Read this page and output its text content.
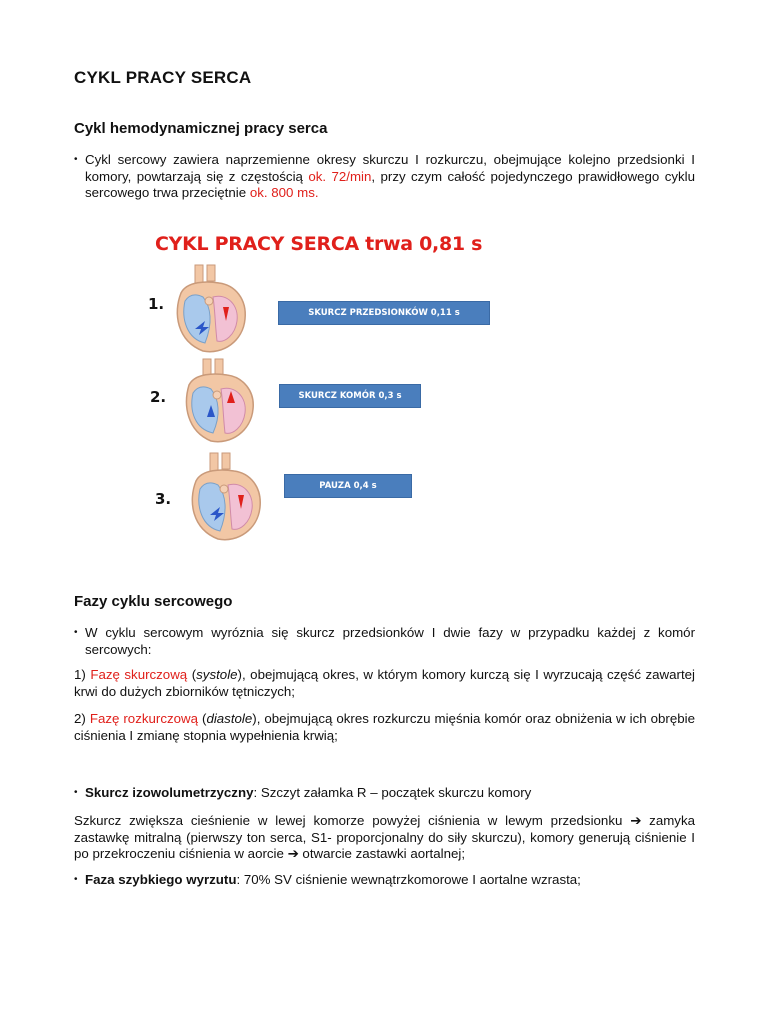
CYKL PRACY SERCA
Cykl hemodynamicznej pracy serca
• Cykl sercowy zawiera naprzemienne okresy skurczu I rozkurczu, obejmujące kolejno przedsionki I komory, powtarzają się z częstością ok. 72/min, przy czym całość pojedynczego prawidłowego cyklu sercowego trwa przeciętnie ok. 800 ms.
Fazy cyklu sercowego
• W cyklu sercowym wyróznia się skurcz przedsionków I dwie fazy w przypadku każdej z komór sercowych:

1) Fazę skurczową (systole), obejmującą okres, w którym komory kurczą się I wyrzucają część zawartej krwi do dużych zbiorników tętniczych;

2) Fazę rozkurczową (diastole), obejmującą okres rozkurczu mięśnia komór oraz obniżenia w ich obrębie ciśnienia I zmianę stopnia wypełnienia krwią;

• Skurcz izowolumetrzyczny: Szczyt załamka R – początek skurczu komory

Szkurcz zwiększa cieśnienie w lewej komorze powyżej ciśnienia w lewym przedsionku ➔ zamyka zastawkę mitralną (pierwszy ton serca, S1- proporcjonalny do siły skurczu), komory generują ciśnienie I po przekroczeniu ciśnienia w aorcie ➔ otwarcie zastawki aortalnej;

• Faza szybkiego wyrzutu: 70% SV ciśnienie wewnątrzkomorowe I aortalne wzrasta;
CYKL PRACY SERCA trwa 0,81 s
1.	SKURCZ PRZEDSIONKÓW 0,11 s
2.	SKURCZ KOMÓR 0,3 s
3.
PAUZA 0,4 s
